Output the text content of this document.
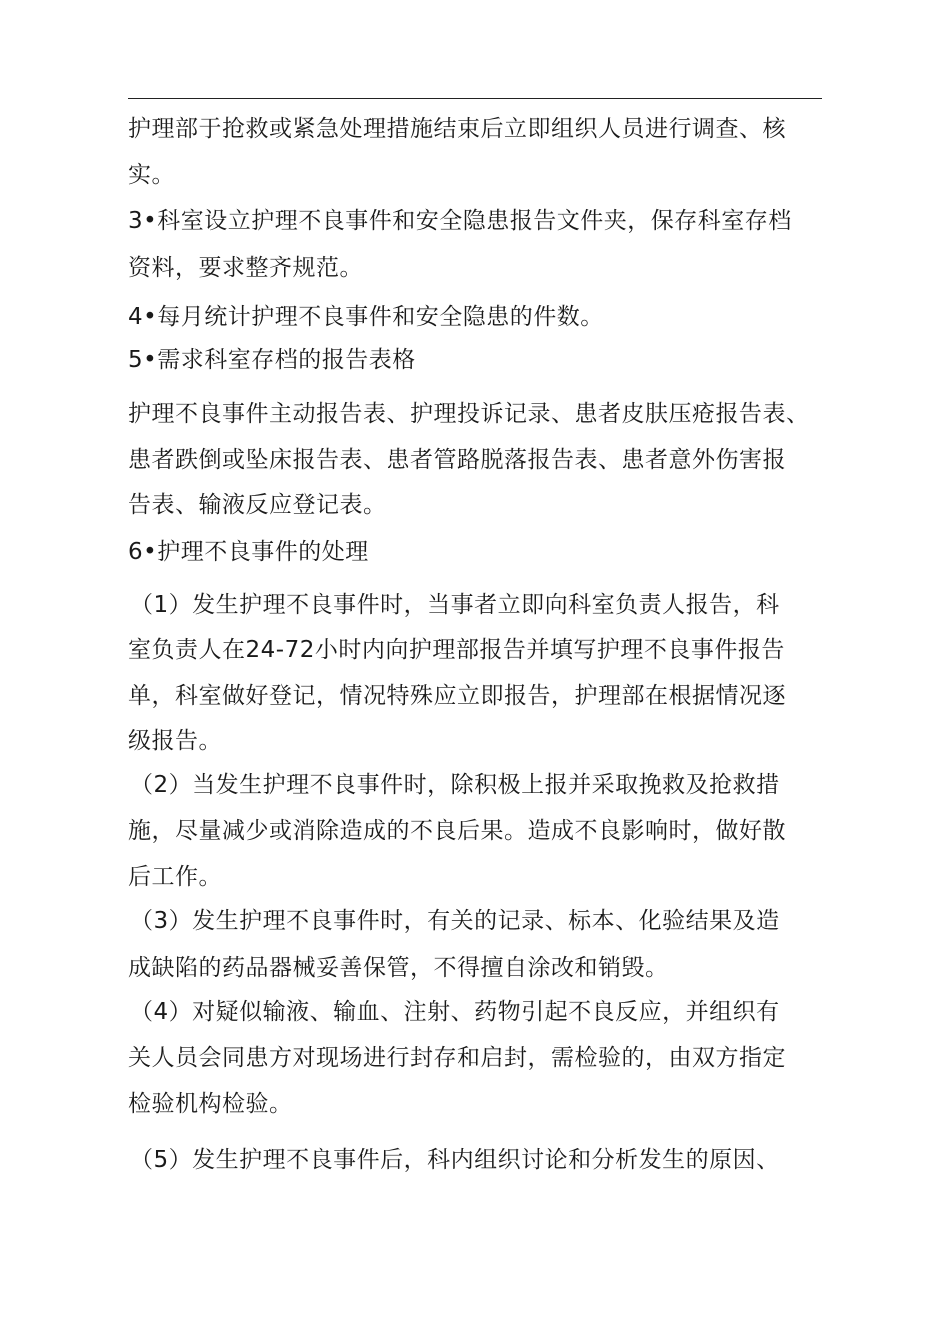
护理部于抢救或紧急处理措施结束后立即组织人员进行调查、核
实。
3•科室设立护理不良事件和安全隐患报告文件夹，保存科室存档
资料，要求整齐规范。
4•每月统计护理不良事件和安全隐患的件数。
5•需求科室存档的报告表格
护理不良事件主动报告表、护理投诉记录、患者皮肤压疮报告表、
患者跌倒或坠床报告表、患者管路脱落报告表、患者意外伤害报
告表、输液反应登记表。
6•护理不良事件的处理
（1）发生护理不良事件时，当事者立即向科室负责人报告，科
室负责人在24-72小时内向护理部报告并填写护理不良事件报告
单，科室做好登记，情况特殊应立即报告，护理部在根据情况逐
级报告。
（2）当发生护理不良事件时，除积极上报并采取挽救及抢救措
施，尽量减少或消除造成的不良后果。造成不良影响时，做好散
后工作。
（3）发生护理不良事件时，有关的记录、标本、化验结果及造
成缺陷的药品器械妥善保管，不得擅自涂改和销毁。
（4）对疑似输液、输血、注射、药物引起不良反应，并组织有
关人员会同患方对现场进行封存和启封，需检验的，由双方指定
检验机构检验。
（5）发生护理不良事件后，科内组织讨论和分析发生的原因、
